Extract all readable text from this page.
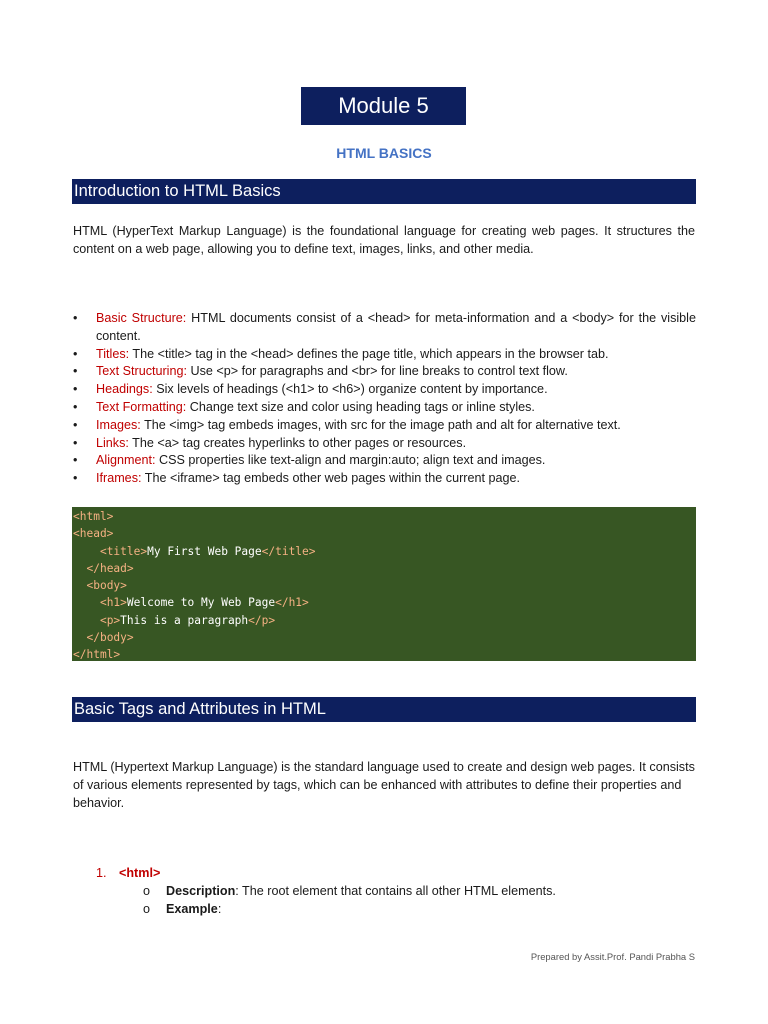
Module 5
HTML BASICS
Introduction to HTML Basics

HTML (HyperText Markup Language) is the foundational language for creating web pages. It structures the content on a web page, allowing you to define text, images, links, and other media.

• Basic Structure: HTML documents consist of a <head> for meta-information and a <body> for the visible content.
• Titles: The <title> tag in the <head> defines the page title, which appears in the browser tab.
• Text Structuring: Use <p> for paragraphs and <br> for line breaks to control text flow.
• Headings: Six levels of headings (<h1> to <h6>) organize content by importance.
• Text Formatting: Change text size and color using heading tags or inline styles.
• Images: The <img> tag embeds images, with src for the image path and alt for alternative text.
• Links: The <a> tag creates hyperlinks to other pages or resources.
• Alignment: CSS properties like text-align and margin:auto; align text and images.
• Iframes: The <iframe> tag embeds other web pages within the current page.
<html>
<head>
<title>My First Web Page</title>
</head>
<body>
<h1>Welcome to My Web Page</h1>
<p>This is a paragraph</p>
</body>
</html>
Basic Tags and Attributes in HTML

HTML (Hypertext Markup Language) is the standard language used to create and design web pages. It consists of various elements represented by tags, which can be enhanced with attributes to define their properties and behavior.

1. <html>
o Description: The root element that contains all other HTML elements.
o Example:
Prepared by Assit.Prof. Pandi Prabha S
